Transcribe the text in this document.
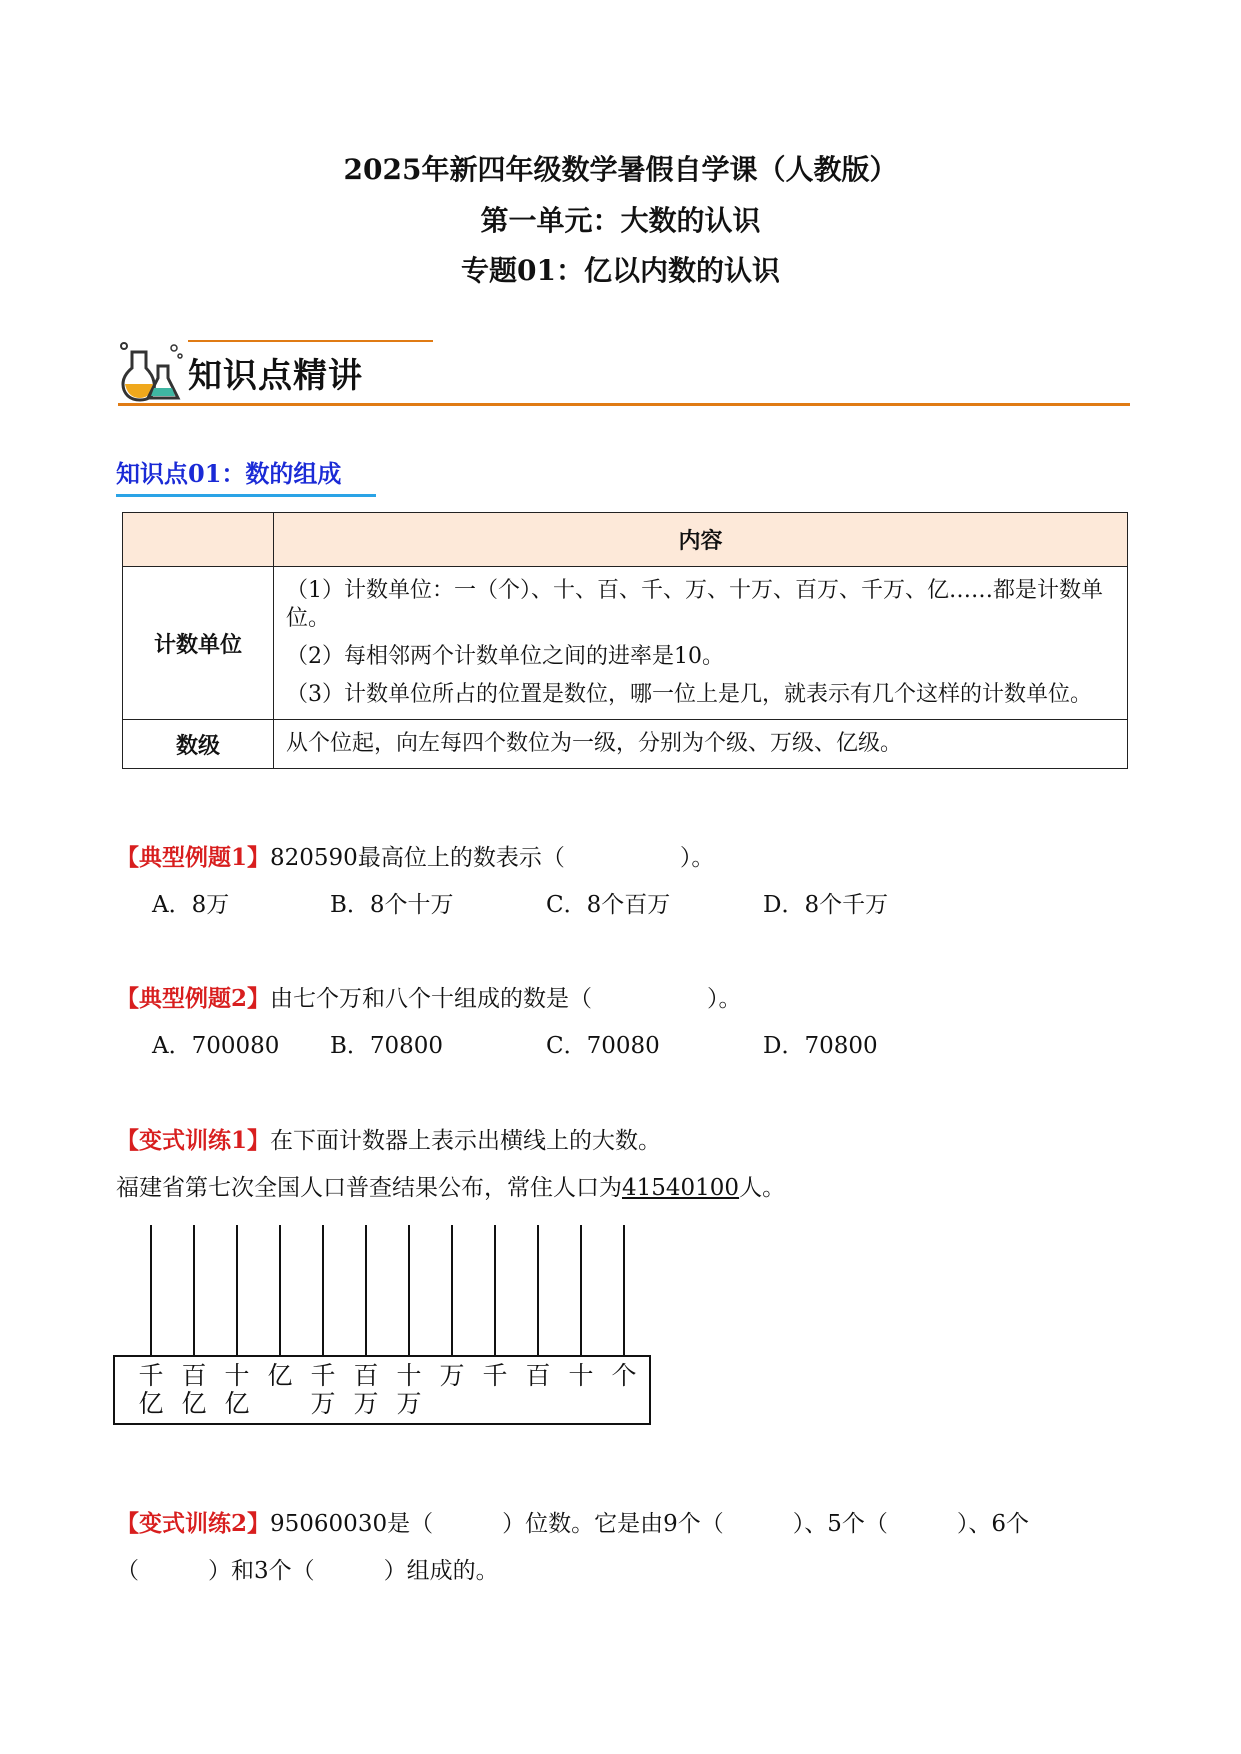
2025年新四年级数学暑假自学课（人教版）
第一单元：大数的认识
专题01：亿以内数的认识
知识点精讲
知识点01：数的组成
	内容
计数单位	（1）计数单位：一（个）、十、百、千、万、十万、百万、千万、亿……都是计数单位。

（2）每相邻两个计数单位之间的进率是10。

（3）计数单位所占的位置是数位，哪一位上是几，就表示有几个这样的计数单位。

数级	从个位起，向左每四个数位为一级，分别为个级、万级、亿级。

【典型例题1】820590最高位上的数表示（　　　　　）。
A．8万	B．8个十万	C．8个百万	D．8个千万
【典型例题2】由七个万和八个十组成的数是（　　　　　）。
A．700080 B．70800	C．70080	D．70800
【变式训练1】在下面计数器上表示出横线上的大数。
福建省第七次全国人口普查结果公布，常住人口为41540100人。
千
亿
百
亿
十
亿
亿 千
万
百
万
十
万
万 千 百 十 个
【变式训练2】95060030是（　　　）位数。它是由9个（　　　）、5个（　　　）、6个
（　　　）和3个（　　　）组成的。
